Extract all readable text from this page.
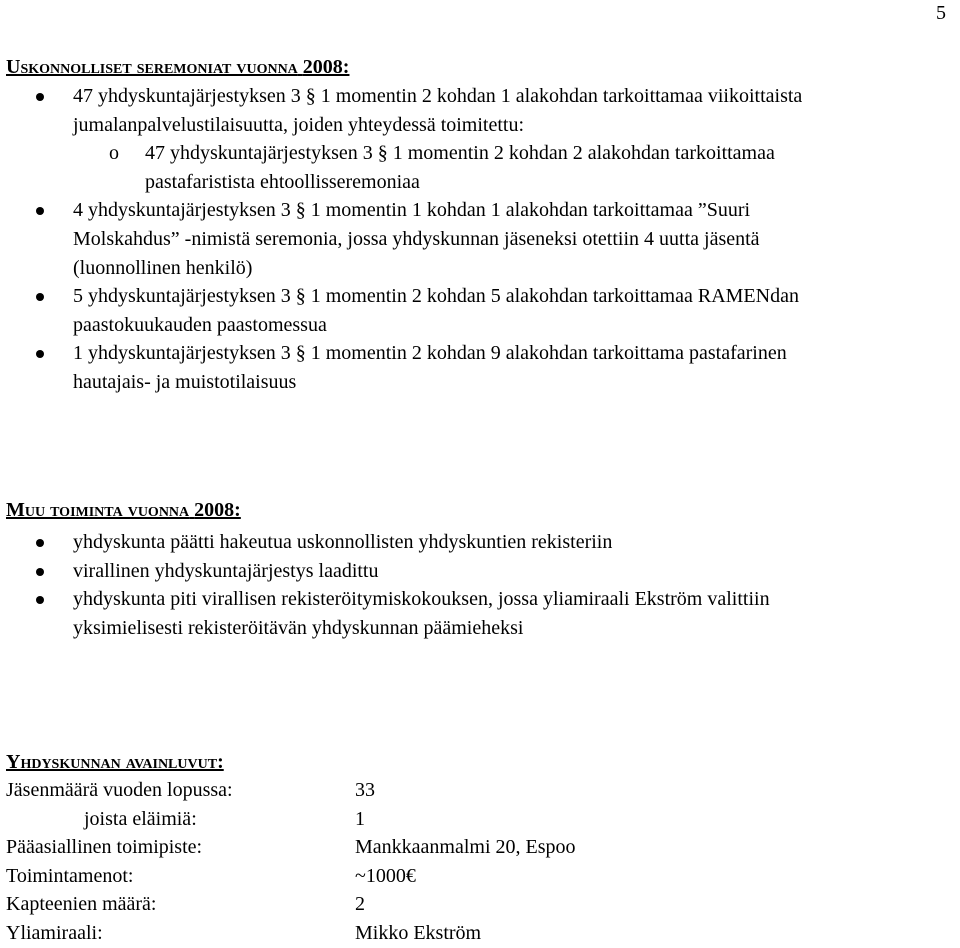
5
Uskonnolliset seremoniat vuonna 2008:
47 yhdyskuntajärjestyksen 3 § 1 momentin 2 kohdan 1 alakohdan tarkoittamaa viikoittaista
jumalanpalvelustilaisuutta, joiden yhteydessä toimitettu:
o 47 yhdyskuntajärjestyksen 3 § 1 momentin 2 kohdan 2 alakohdan tarkoittamaa
pastafaristista ehtoollisseremoniaa
4 yhdyskuntajärjestyksen 3 § 1 momentin 1 kohdan 1 alakohdan tarkoittamaa ”Suuri
Molskahdus” -nimistä seremonia, jossa yhdyskunnan jäseneksi otettiin 4 uutta jäsentä
(luonnollinen henkilö)
5 yhdyskuntajärjestyksen 3 § 1 momentin 2 kohdan 5 alakohdan tarkoittamaa RAMENdan
paastokuukauden paastomessua
1 yhdyskuntajärjestyksen 3 § 1 momentin 2 kohdan 9 alakohdan tarkoittama pastafarinen
hautajais- ja muistotilaisuus
Muu toiminta vuonna 2008:
yhdyskunta päätti hakeutua uskonnollisten yhdyskuntien rekisteriin
virallinen yhdyskuntajärjestys laadittu
yhdyskunta piti virallisen rekisteröitymiskokouksen, jossa yliamiraali Ekström valittiin
yksimielisesti rekisteröitävän yhdyskunnan päämieheksi
Yhdyskunnan avainluvut:
Jäsenmäärä vuoden lopussa:	33
joista eläimiä:	1
Pääasiallinen toimipiste:	Mankkaanmalmi 20, Espoo
Toimintamenot:	~1000€
Kapteenien määrä:	2
Yliamiraali:	Mikko Ekström
